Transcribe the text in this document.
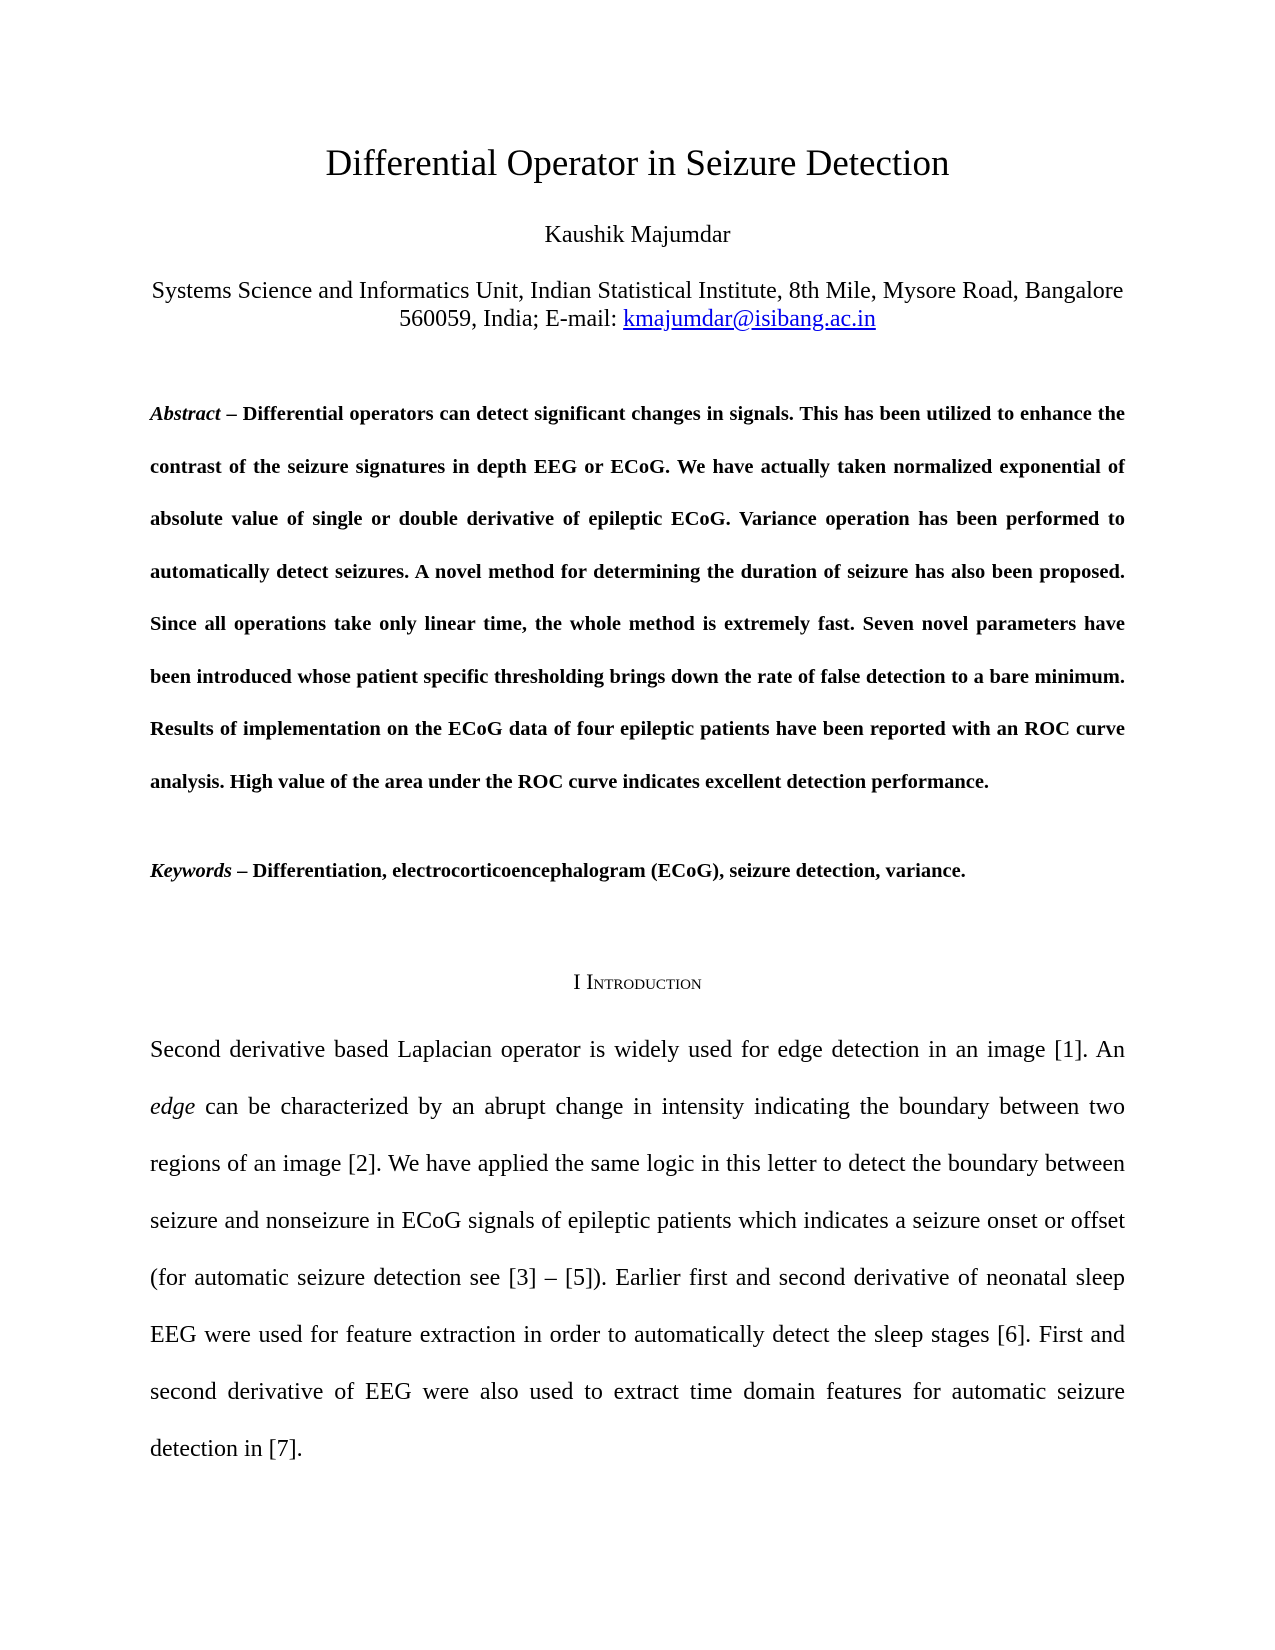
Differential Operator in Seizure Detection
Kaushik Majumdar
Systems Science and Informatics Unit, Indian Statistical Institute, 8th Mile, Mysore Road, Bangalore 560059, India; E-mail: kmajumdar@isibang.ac.in

Abstract – Differential operators can detect significant changes in signals. This has been utilized to enhance the contrast of the seizure signatures in depth EEG or ECoG. We have actually taken normalized exponential of absolute value of single or double derivative of epileptic ECoG. Variance operation has been performed to automatically detect seizures. A novel method for determining the duration of seizure has also been proposed. Since all operations take only linear time, the whole method is extremely fast. Seven novel parameters have been introduced whose patient specific thresholding brings down the rate of false detection to a bare minimum. Results of implementation on the ECoG data of four epileptic patients have been reported with an ROC curve analysis. High value of the area under the ROC curve indicates excellent detection performance.

Keywords – Differentiation, electrocorticoencephalogram (ECoG), seizure detection, variance.

I Introduction

Second derivative based Laplacian operator is widely used for edge detection in an image [1]. An edge can be characterized by an abrupt change in intensity indicating the boundary between two regions of an image [2]. We have applied the same logic in this letter to detect the boundary between seizure and nonseizure in ECoG signals of epileptic patients which indicates a seizure onset or offset (for automatic seizure detection see [3] – [5]). Earlier first and second derivative of neonatal sleep EEG were used for feature extraction in order to automatically detect the sleep stages [6]. First and second derivative of EEG were also used to extract time domain features for automatic seizure detection in [7].
